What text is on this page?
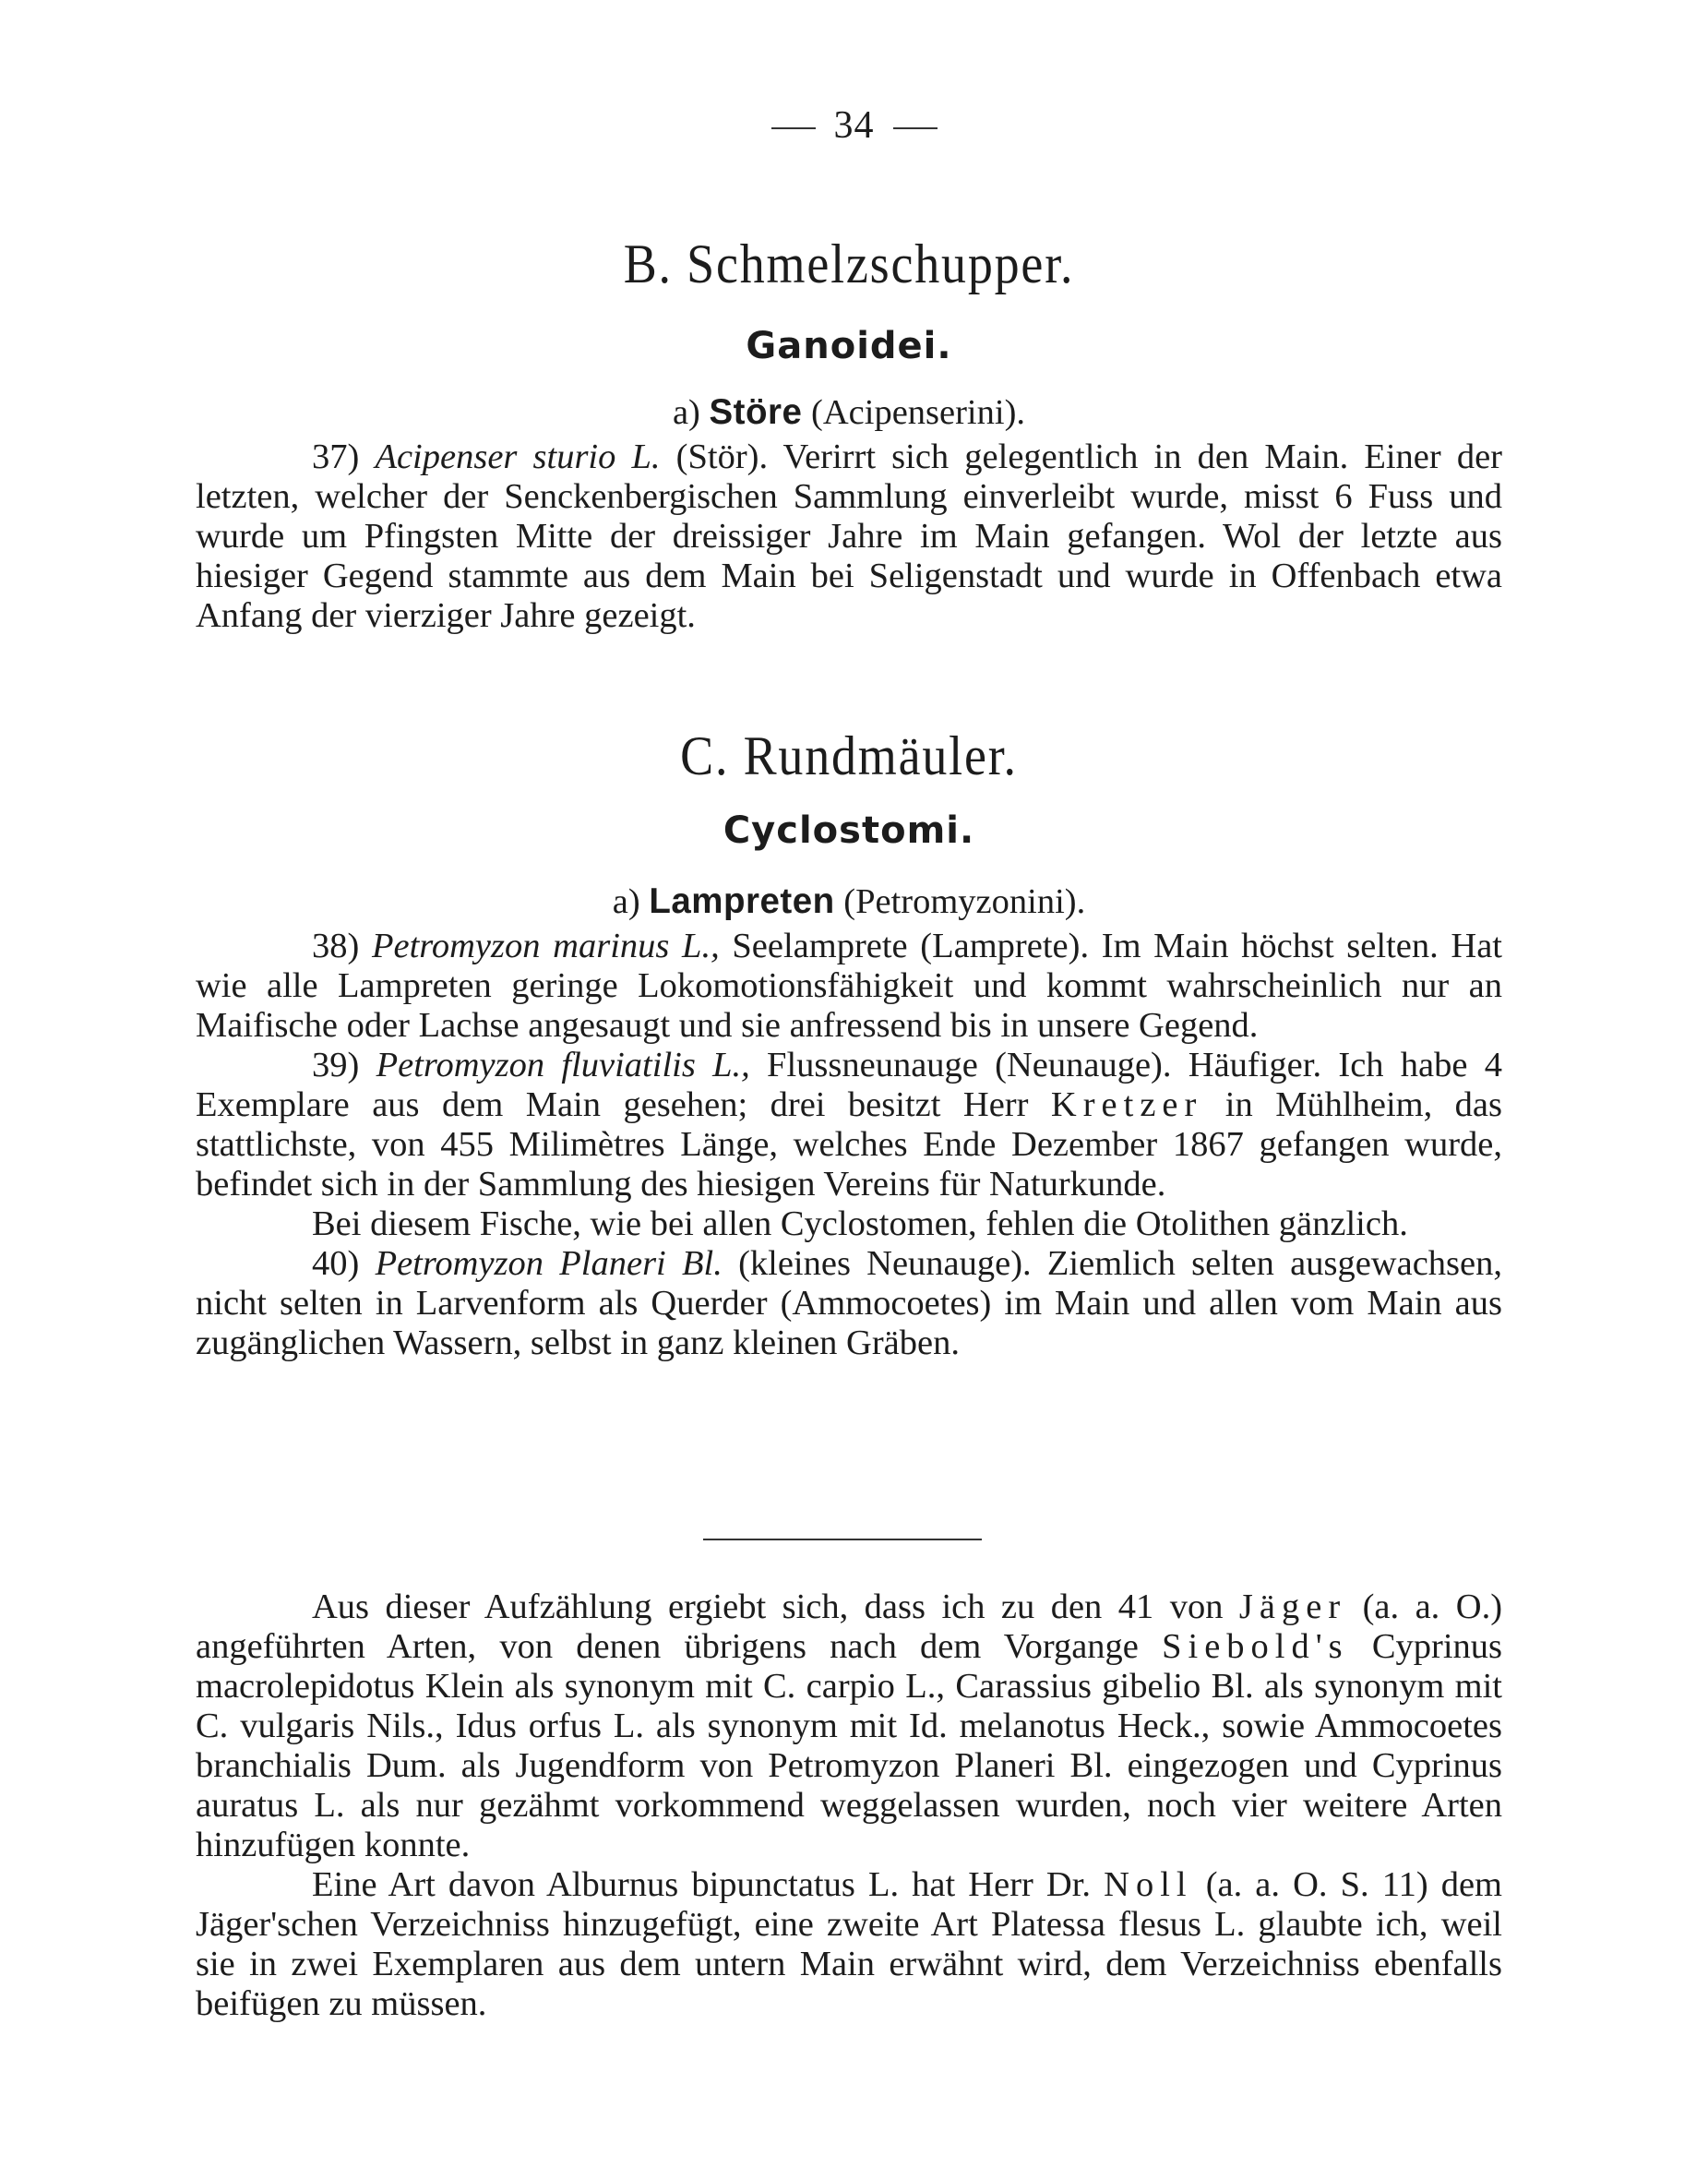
34
B. Schmelzschupper.
Ganoidei.

a) Störe (Acipenserini).

37) Acipenser sturio L. (Stör). Verirrt sich gelegentlich in den Main. Einer der letzten, welcher der Senckenbergischen Sammlung einverleibt wurde, misst 6 Fuss und wurde um Pfingsten Mitte der dreissiger Jahre im Main gefangen. Wol der letzte aus hiesiger Gegend stammte aus dem Main bei Seligenstadt und wurde in Offenbach etwa Anfang der vierziger Jahre gezeigt.

C. Rundmäuler.
Cyclostomi.

a) Lampreten (Petromyzonini).

38) Petromyzon marinus L., Seelamprete (Lamprete). Im Main höchst selten. Hat wie alle Lampreten geringe Lokomotionsfähigkeit und kommt wahrscheinlich nur an Maifische oder Lachse angesaugt und sie anfressend bis in unsere Gegend.

39) Petromyzon fluviatilis L., Flussneunauge (Neunauge). Häufiger. Ich habe 4 Exemplare aus dem Main gesehen; drei besitzt Herr Kretzer in Mühlheim, das stattlichste, von 455 Milimètres Länge, welches Ende Dezember 1867 gefangen wurde, befindet sich in der Sammlung des hiesigen Vereins für Naturkunde.

Bei diesem Fische, wie bei allen Cyclostomen, fehlen die Otolithen gänzlich.

40) Petromyzon Planeri Bl. (kleines Neunauge). Ziemlich selten ausgewachsen, nicht selten in Larvenform als Querder (Ammocoetes) im Main und allen vom Main aus zugänglichen Wassern, selbst in ganz kleinen Gräben.

Aus dieser Aufzählung ergiebt sich, dass ich zu den 41 von Jäger (a. a. O.) angeführten Arten, von denen übrigens nach dem Vorgange Siebold's Cyprinus macrolepidotus Klein als synonym mit C. carpio L., Carassius gibelio Bl. als synonym mit C. vulgaris Nils., Idus orfus L. als synonym mit Id. melanotus Heck., sowie Ammocoetes branchialis Dum. als Jugendform von Petromyzon Planeri Bl. eingezogen und Cyprinus auratus L. als nur gezähmt vorkommend weggelassen wurden, noch vier weitere Arten hinzufügen konnte.

Eine Art davon Alburnus bipunctatus L. hat Herr Dr. Noll (a. a. O. S. 11) dem Jäger'schen Verzeichniss hinzugefügt, eine zweite Art Platessa flesus L. glaubte ich, weil sie in zwei Exemplaren aus dem untern Main erwähnt wird, dem Verzeichniss ebenfalls beifügen zu müssen.
